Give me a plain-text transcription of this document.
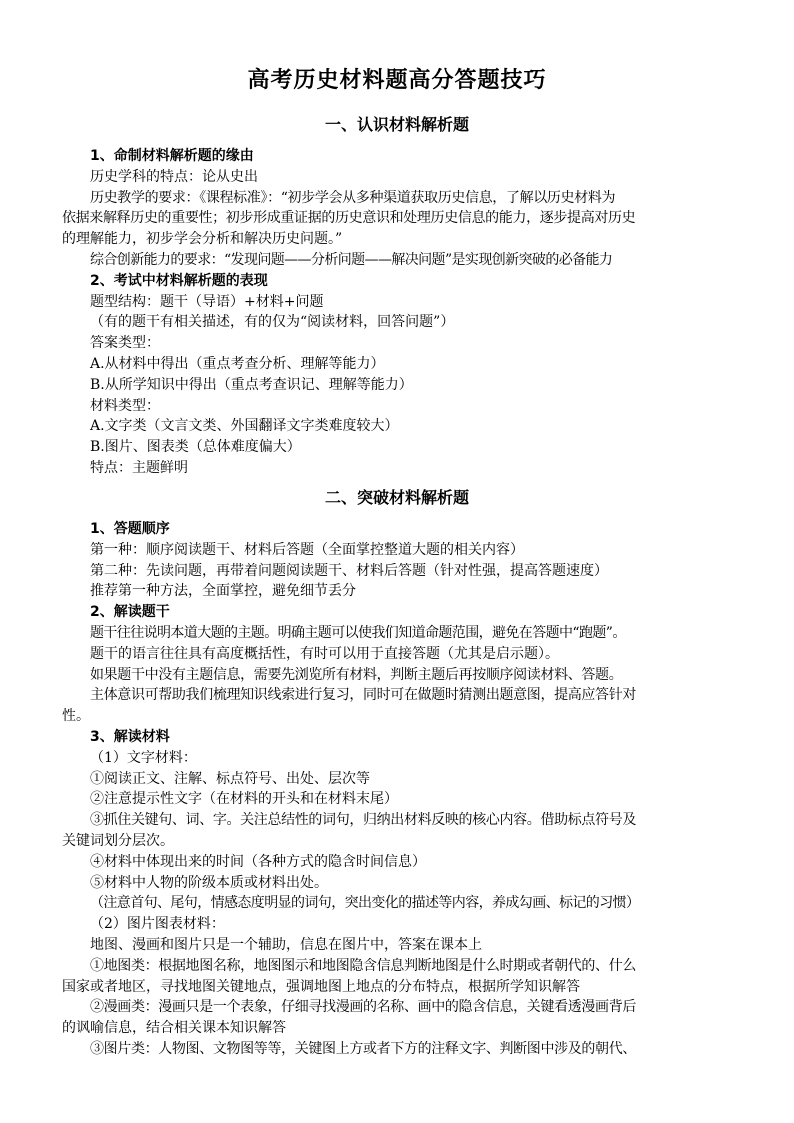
高考历史材料题高分答题技巧
一、认识材料解析题
1、命制材料解析题的缘由
历史学科的特点：论从史出
历史教学的要求：《课程标准》：“初步学会从多种渠道获取历史信息，了解以历史材料为
依据来解释历史的重要性；初步形成重证据的历史意识和处理历史信息的能力，逐步提高对历史
的理解能力，初步学会分析和解决历史问题。”
综合创新能力的要求：“发现问题——分析问题——解决问题”是实现创新突破的必备能力
2、考试中材料解析题的表现
题型结构：题干（导语）+材料+问题
（有的题干有相关描述，有的仅为“阅读材料，回答问题”）
答案类型：
A.从材料中得出（重点考查分析、理解等能力）
B.从所学知识中得出（重点考查识记、理解等能力）
材料类型：
A.文字类（文言文类、外国翻译文字类难度较大）
B.图片、图表类（总体难度偏大）
特点：主题鲜明
二、突破材料解析题
1、答题顺序
第一种：顺序阅读题干、材料后答题（全面掌控整道大题的相关内容）
第二种：先读问题，再带着问题阅读题干、材料后答题（针对性强，提高答题速度）
推荐第一种方法，全面掌控，避免细节丢分
2、解读题干
题干往往说明本道大题的主题。明确主题可以使我们知道命题范围，避免在答题中“跑题”。
题干的语言往往具有高度概括性，有时可以用于直接答题（尤其是启示题）。
如果题干中没有主题信息，需要先浏览所有材料，判断主题后再按顺序阅读材料、答题。
主体意识可帮助我们梳理知识线索进行复习，同时可在做题时猜测出题意图，提高应答针对
性。
3、解读材料
（1）文字材料：
①阅读正文、注解、标点符号、出处、层次等
②注意提示性文字（在材料的开头和在材料末尾）
③抓住关键句、词、字。关注总结性的词句，归纳出材料反映的核心内容。借助标点符号及
关键词划分层次。
④材料中体现出来的时间（各种方式的隐含时间信息）
⑤材料中人物的阶级本质或材料出处。
（注意首句、尾句，情感态度明显的词句，突出变化的描述等内容，养成勾画、标记的习惯）
（2）图片图表材料：
地图、漫画和图片只是一个辅助，信息在图片中，答案在课本上
①地图类：根据地图名称，地图图示和地图隐含信息判断地图是什么时期或者朝代的、什么
国家或者地区，寻找地图关键地点，强调地图上地点的分布特点，根据所学知识解答
②漫画类：漫画只是一个表象，仔细寻找漫画的名称、画中的隐含信息，关键看透漫画背后
的讽喻信息，结合相关课本知识解答
③图片类：人物图、文物图等等，关键图上方或者下方的注释文字、判断图中涉及的朝代、
